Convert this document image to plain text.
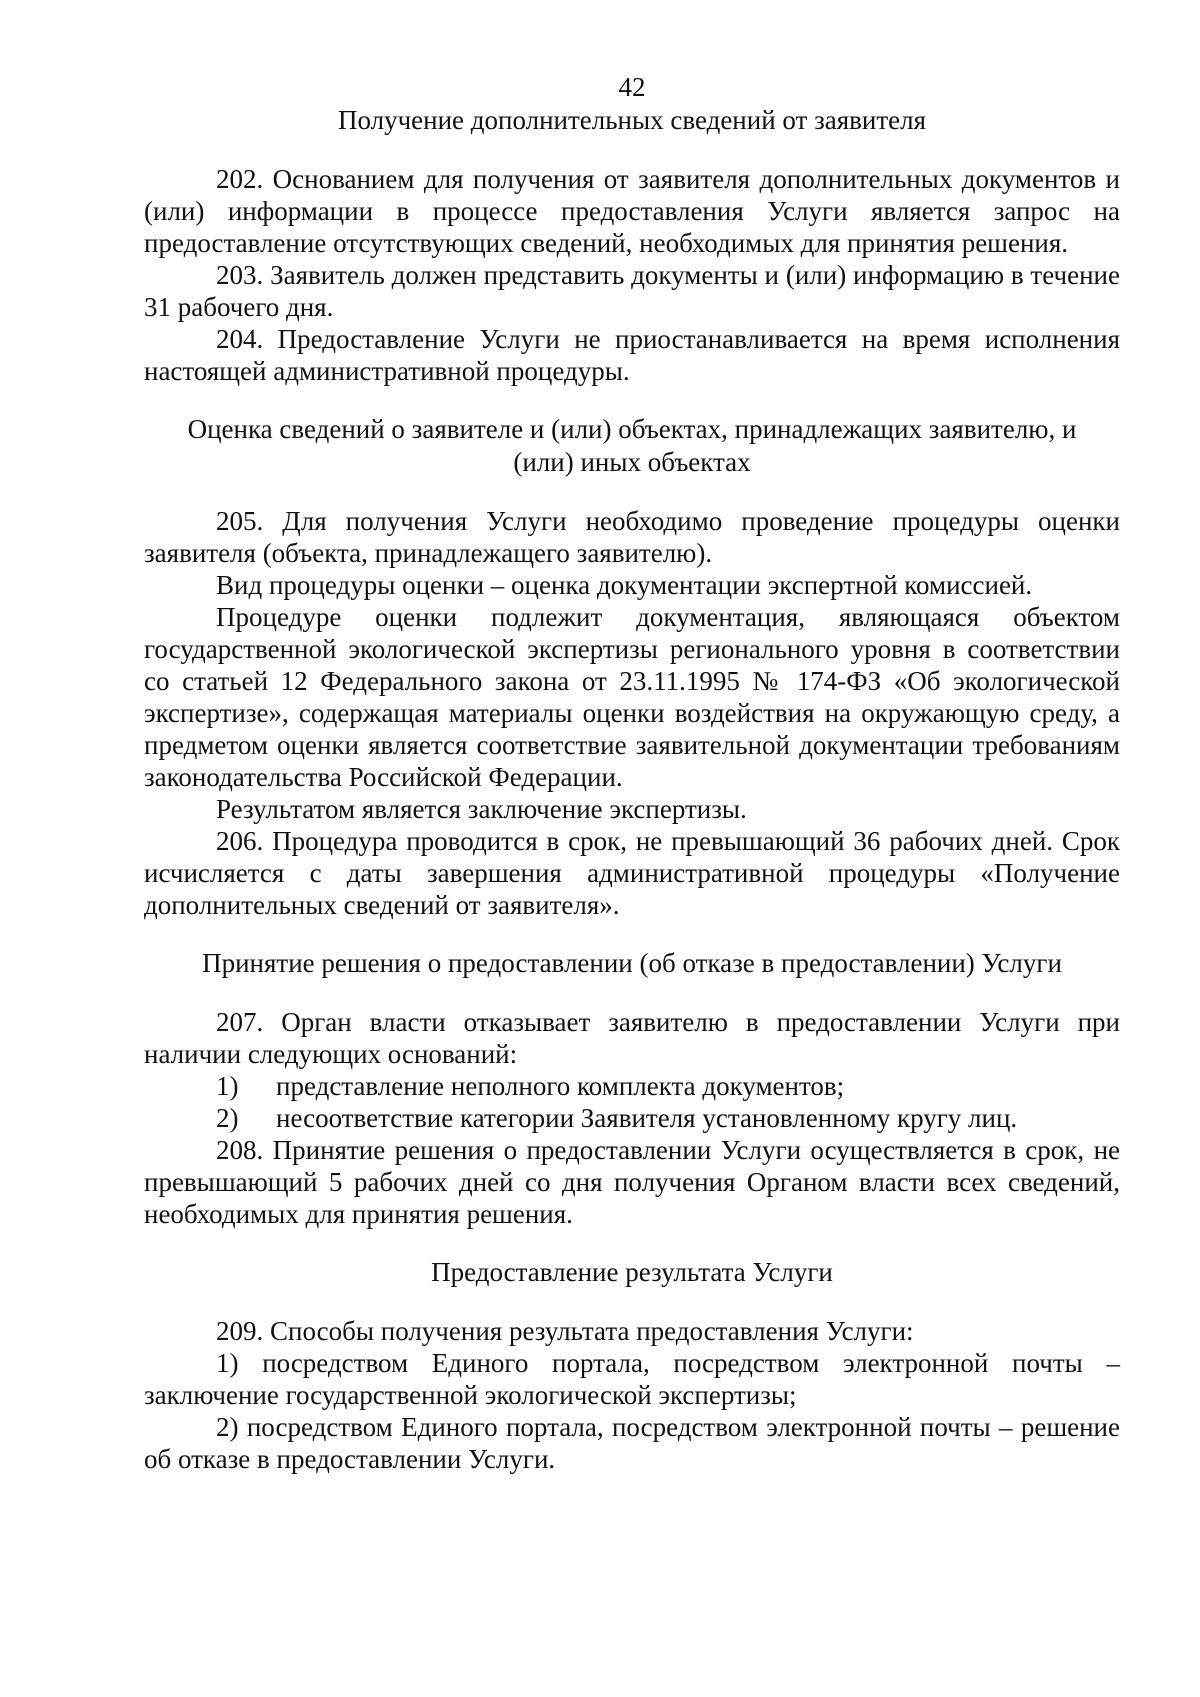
42

Получение дополнительных сведений от заявителя

202. Основанием для получения от заявителя дополнительных документов и (или) информации в процессе предоставления Услуги является запрос на предоставление отсутствующих сведений, необходимых для принятия решения.

203. Заявитель должен представить документы и (или) информацию в течение 31 рабочего дня.

204. Предоставление Услуги не приостанавливается на время исполнения настоящей административной процедуры.

Оценка сведений о заявителе и (или) объектах, принадлежащих заявителю, и

(или) иных объектах

205. Для получения Услуги необходимо проведение процедуры оценки заявителя (объекта, принадлежащего заявителю).

Вид процедуры оценки – оценка документации экспертной комиссией.

Процедуре оценки подлежит документация, являющаяся объектом государственной экологической экспертизы регионального уровня в соответствии со статьей 12 Федерального закона от 23.11.1995 № 174-ФЗ «Об экологической экспертизе», содержащая материалы оценки воздействия на окружающую среду, а предметом оценки является соответствие заявительной документации требованиям законодательства Российской Федерации.

Результатом является заключение экспертизы.

206. Процедура проводится в срок, не превышающий 36 рабочих дней. Срок исчисляется с даты завершения административной процедуры «Получение дополнительных сведений от заявителя».

Принятие решения о предоставлении (об отказе в предоставлении) Услуги

207. Орган власти отказывает заявителю в предоставлении Услуги при наличии следующих оснований:

1)	представление неполного комплекта документов;
2)	несоответствие категории Заявителя установленному кругу лиц.

208. Принятие решения о предоставлении Услуги осуществляется в срок, не превышающий 5 рабочих дней со дня получения Органом власти всех сведений, необходимых для принятия решения.

Предоставление результата Услуги

209. Способы получения результата предоставления Услуги:

1) посредством Единого портала, посредством электронной почты – заключение государственной экологической экспертизы;

2) посредством Единого портала, посредством электронной почты – решение об отказе в предоставлении Услуги.
